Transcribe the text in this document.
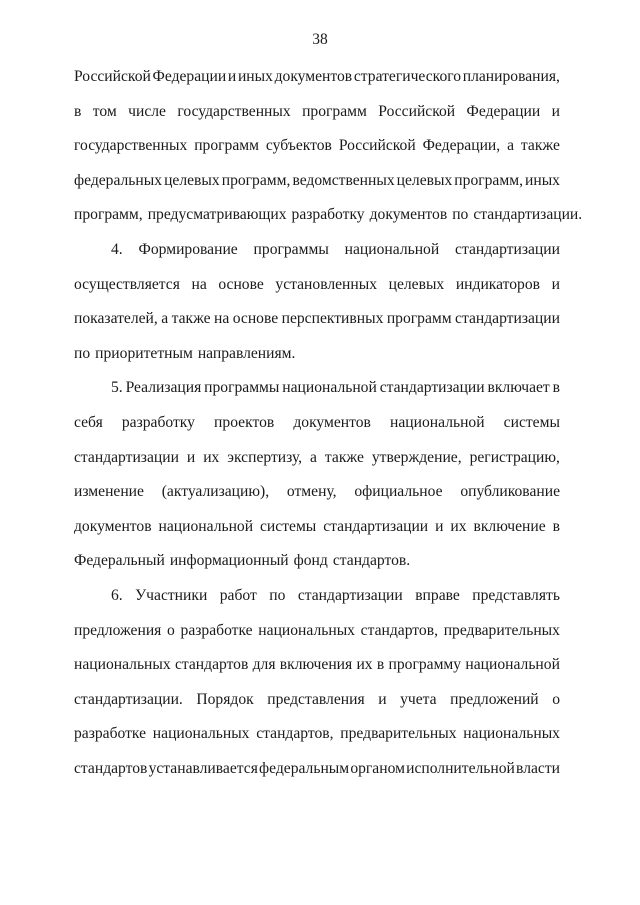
38
Российской Федерации и иных документов стратегического планирования,
в том числе государственных программ Российской Федерации и
государственных программ субъектов Российской Федерации, а также
федеральных целевых программ, ведомственных целевых программ, иных
программ, предусматривающих разработку документов по стандартизации.
4. Формирование программы национальной стандартизации
осуществляется на основе установленных целевых индикаторов и
показателей, а также на основе перспективных программ стандартизации
по приоритетным направлениям.
5. Реализация программы национальной стандартизации включает в
себя разработку проектов документов национальной системы
стандартизации и их экспертизу, а также утверждение, регистрацию,
изменение (актуализацию), отмену, официальное опубликование
документов национальной системы стандартизации и их включение в
Федеральный информационный фонд стандартов.
6. Участники работ по стандартизации вправе представлять
предложения о разработке национальных стандартов, предварительных
национальных стандартов для включения их в программу национальной
стандартизации. Порядок представления и учета предложений о
разработке национальных стандартов, предварительных национальных
стандартов устанавливается федеральным органом исполнительной власти
